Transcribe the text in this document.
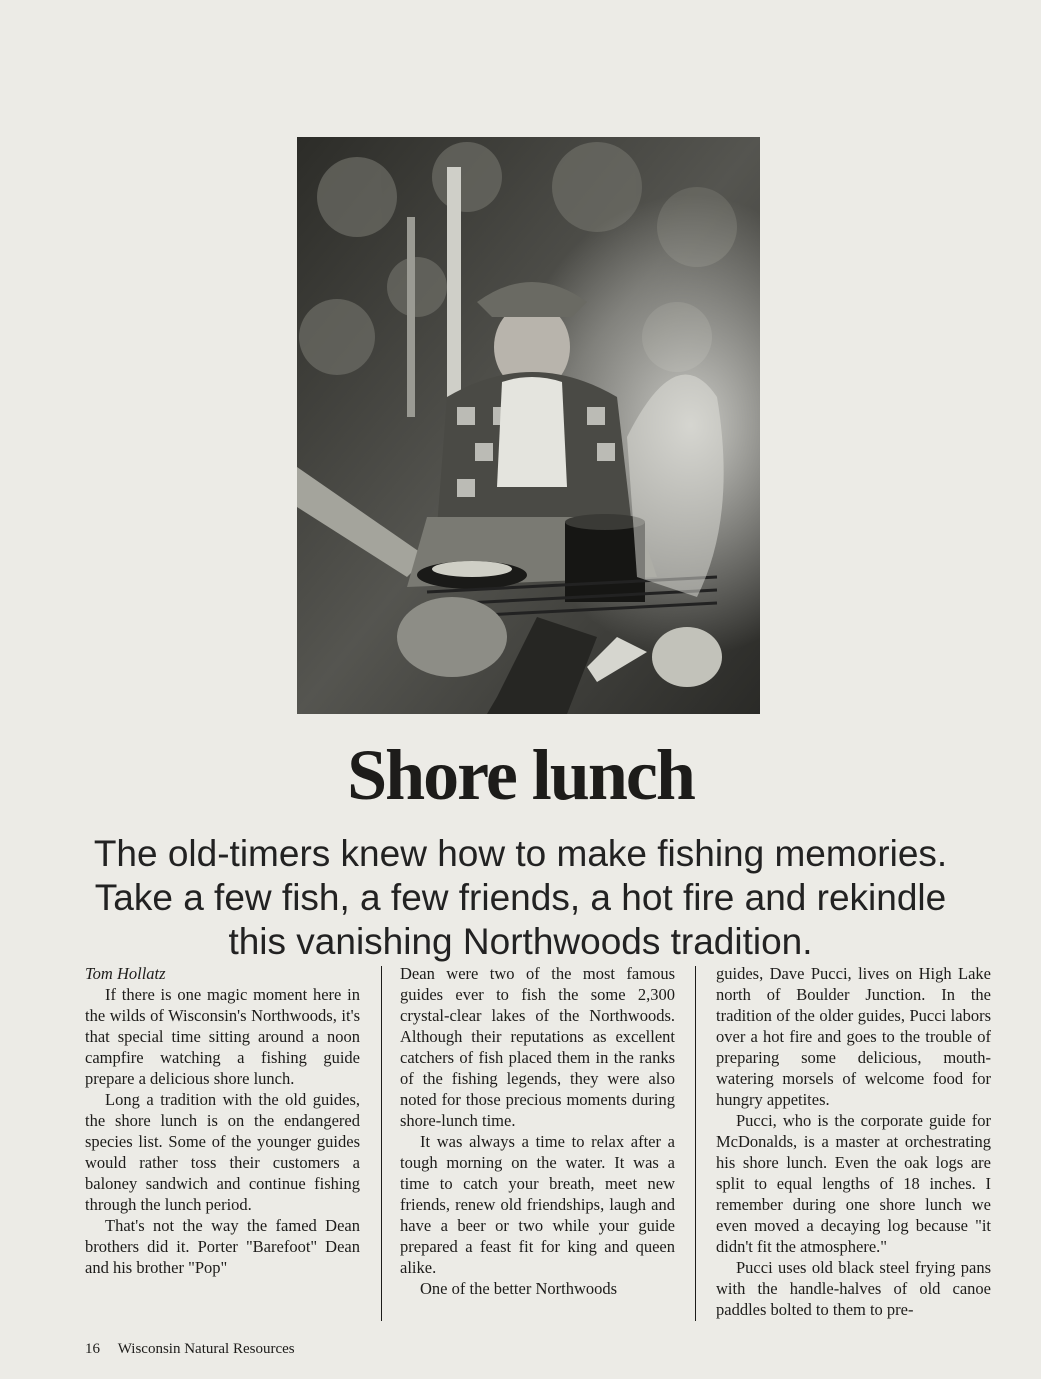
Shore lunch

The old-timers knew how to make fishing memories. Take a few fish, a few friends, a hot fire and rekindle this vanishing Northwoods tradition.

Tom Hollatz

If there is one magic moment here in the wilds of Wisconsin's Northwoods, it's that special time sitting around a noon campfire watching a fishing guide prepare a delicious shore lunch.

Long a tradition with the old guides, the shore lunch is on the endangered species list. Some of the younger guides would rather toss their customers a baloney sandwich and continue fishing through the lunch period.

That's not the way the famed Dean brothers did it. Porter "Barefoot" Dean and his brother "Pop"

Dean were two of the most famous guides ever to fish the some 2,300 crystal-clear lakes of the Northwoods. Although their reputations as excellent catchers of fish placed them in the ranks of the fishing legends, they were also noted for those precious moments during shore-lunch time.

It was always a time to relax after a tough morning on the water. It was a time to catch your breath, meet new friends, renew old friendships, laugh and have a beer or two while your guide prepared a feast fit for king and queen alike.

One of the better Northwoods

guides, Dave Pucci, lives on High Lake north of Boulder Junction. In the tradition of the older guides, Pucci labors over a hot fire and goes to the trouble of preparing some delicious, mouth-watering morsels of welcome food for hungry appetites.

Pucci, who is the corporate guide for McDonalds, is a master at orchestrating his shore lunch. Even the oak logs are split to equal lengths of 18 inches. I remember during one shore lunch we even moved a decaying log because "it didn't fit the atmosphere."

Pucci uses old black steel frying pans with the handle-halves of old canoe paddles bolted to them to pre-

16 Wisconsin Natural Resources
